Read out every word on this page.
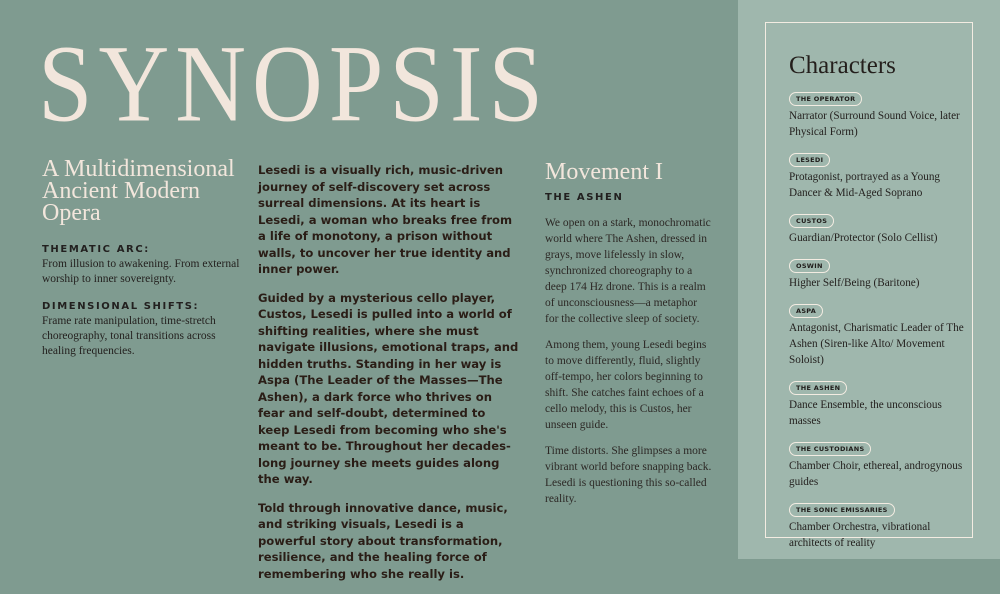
SYNOPSIS
A Multidimensional Ancient Modern Opera

THEMATIC ARC:

From illusion to awakening. From external worship to inner sovereignty.

DIMENSIONAL SHIFTS:

Frame rate manipulation, time-stretch choreography, tonal transitions across healing frequencies.

Lesedi is a visually rich, music-driven journey of self-discovery set across surreal dimensions. At its heart is Lesedi, a woman who breaks free from a life of monotony, a prison without walls, to uncover her true identity and inner power.

Guided by a mysterious cello player, Custos, Lesedi is pulled into a world of shifting realities, where she must navigate illusions, emotional traps, and hidden truths. Standing in her way is Aspa (The Leader of the Masses—The Ashen), a dark force who thrives on fear and self-doubt, determined to keep Lesedi from becoming who she's meant to be. Throughout her decades-long journey she meets guides along the way.

Told through innovative dance, music, and striking visuals, Lesedi is a powerful story about transformation, resilience, and the healing force of remembering who she really is.

Movement I

THE ASHEN

We open on a stark, monochromatic world where The Ashen, dressed in grays, move lifelessly in slow, synchronized choreography to a deep 174 Hz drone. This is a realm of unconsciousness—a metaphor for the collective sleep of society.

Among them, young Lesedi begins to move differently, fluid, slightly off-tempo, her colors beginning to shift. She catches faint echoes of a cello melody, this is Custos, her unseen guide.

Time distorts. She glimpses a more vibrant world before snapping back. Lesedi is questioning this so-called reality.

Characters
THE OPERATOR

Narrator (Surround Sound Voice, later Physical Form)

LESEDI

Protagonist, portrayed as a Young Dancer & Mid-Aged Soprano

CUSTOS

Guardian/Protector (Solo Cellist)

OSWIN

Higher Self/Being (Baritone)

ASPA

Antagonist, Charismatic Leader of The Ashen (Siren-like Alto/ Movement Soloist)

THE ASHEN

Dance Ensemble, the unconscious masses

THE CUSTODIANS

Chamber Choir, ethereal, androgynous guides

THE SONIC EMISSARIES

Chamber Orchestra, vibrational architects of reality
